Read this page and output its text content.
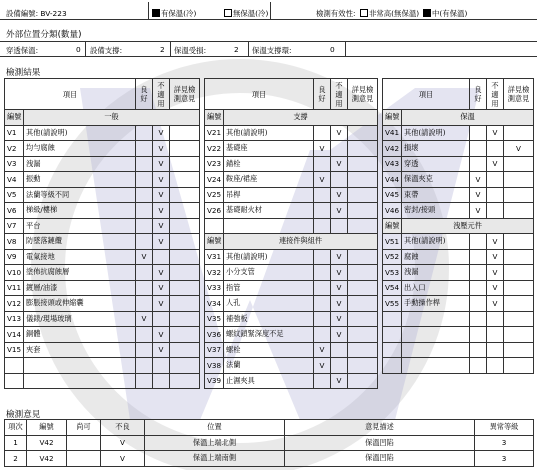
設備編號: BV-223	有保溫(冷)	無保溫(冷)	檢測有效性:	非常高(無保溫)	中(有保溫)
外部位置分類(數量)
穿透保溫:	0 設備支撐:	2 保溫受損:	2 保溫支撐環:	0
檢測結果
項目		良好	不適用	詳見檢測意見
編號	一般			
V1	其他(請說明)		V	
V2	均勻腐蝕		V	
V3	洩漏		V	
V4	振動		V	
V5	法蘭等級不同		V	
V6	梯級/樓梯		V	
V7	平台		V	
V8	防墜落鏈纜		V	
V9	電氣接地	V		
V10	塗佈抗腐蝕層		V	
V11	鍍層/油漆		V	
V12	膨脹接頭或伸縮囊		V	
V13	儀錶/現場玻璃	V		
V14	銅體		V	
V15	夾套		V	

項目		良好	不適用	詳見檢測意見
編號	支撐			
V21	其他(請說明)		V	
V22	基礎座	V		
V23	錨栓		V	
V24	鞍座/裙座	V		
V25	吊桿		V	
V26	基礎耐火材		V	

編號	連接件與組件			
V31	其他(請說明)		V	
V32	小分支管		V	
V33	指管		V	
V34	人孔		V	
V35	補強板		V	
V36	螺紋鎖緊深度不足		V	
V37	螺栓	V		
V38	法蘭	V		
V39	止濕夾具		V	
項目		良好	不適用	詳見檢測意見
編號	保溫			
V41	其他(請說明)		V	
V42	損壞			V
V43	穿透		V	
V44	保溫夾克	V		
V45	束帶	V		
V46	密封/接頭	V		
編號	洩壓元件			
V51	其他(請說明)		V	
V52	腐蝕		V	
V53	洩漏		V	
V54	出入口		V	
V55	手動操作桿		V	

檢測意見
項次	編號	尚可	不良	位置	意見描述	異常等級
1	V42		V	保溫上端北側	保溫凹陷	3
2	V42		V	保溫上端南側	保溫凹陷	3
